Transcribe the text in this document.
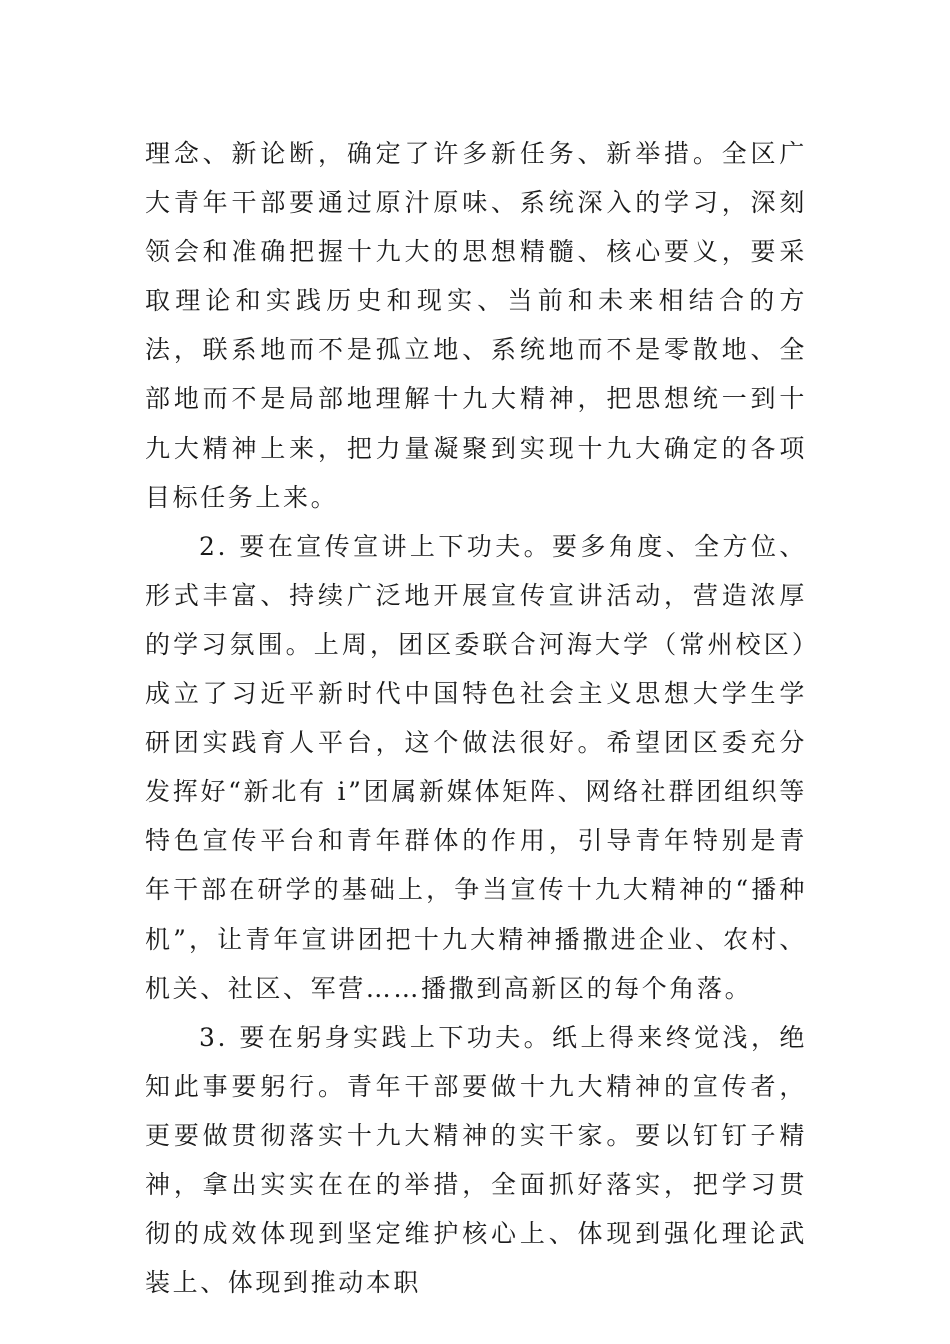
理念、新论断，确定了许多新任务、新举措。全区广大青年干部要通过原汁原味、系统深入的学习，深刻领会和准确把握十九大的思想精髓、核心要义，要采取理论和实践历史和现实、当前和未来相结合的方法，联系地而不是孤立地、系统地而不是零散地、全部地而不是局部地理解十九大精神，把思想统一到十九大精神上来，把力量凝聚到实现十九大确定的各项目标任务上来。

2. 要在宣传宣讲上下功夫。要多角度、全方位、形式丰富、持续广泛地开展宣传宣讲活动，营造浓厚的学习氛围。上周，团区委联合河海大学（常州校区）成立了习近平新时代中国特色社会主义思想大学生学研团实践育人平台，这个做法很好。希望团区委充分发挥好“新北有 i”团属新媒体矩阵、网络社群团组织等特色宣传平台和青年群体的作用，引导青年特别是青年干部在研学的基础上，争当宣传十九大精神的“播种机”，让青年宣讲团把十九大精神播撒进企业、农村、机关、社区、军营……播撒到高新区的每个角落。

3. 要在躬身实践上下功夫。纸上得来终觉浅，绝知此事要躬行。青年干部要做十九大精神的宣传者，更要做贯彻落实十九大精神的实干家。要以钉钉子精神，拿出实实在在的举措，全面抓好落实，把学习贯彻的成效体现到坚定维护核心上、体现到强化理论武装上、体现到推动本职
